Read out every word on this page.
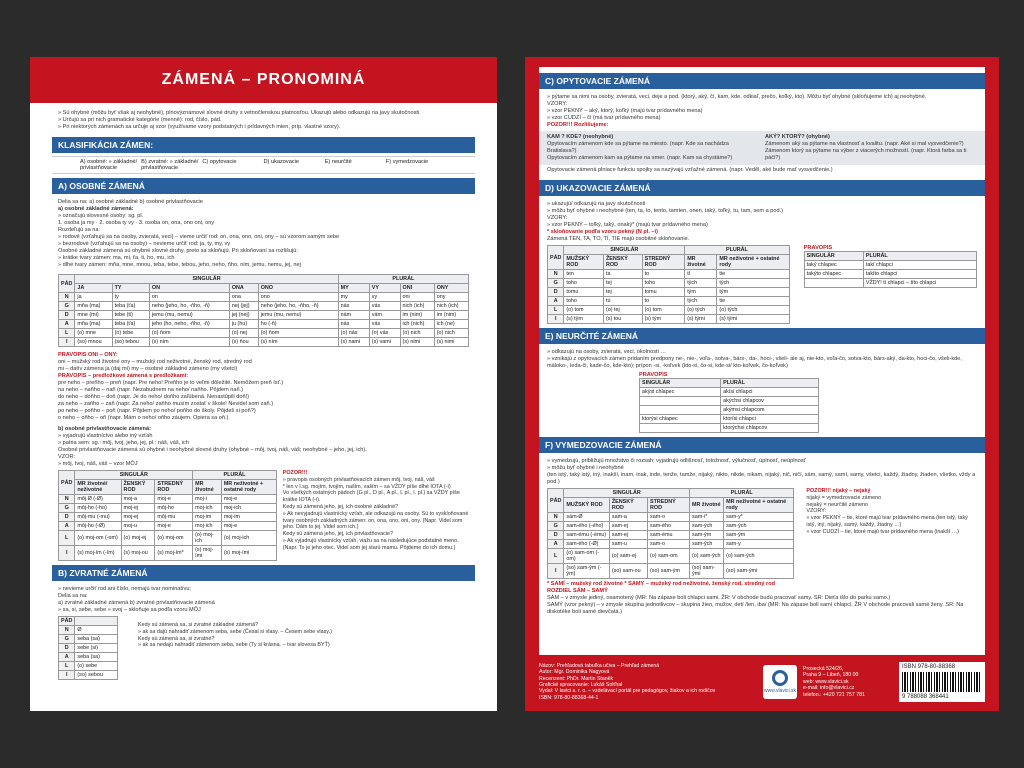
ZÁMENÁ – PRONOMINÁ
» Sú ohybné (môžu byť však aj neohybné), plnovýznamové slovné druhy s vetnočlenskou platnosťou. Ukazujú alebo odkazujú na javy skutočnosti.
» Určujú sa pri nich gramatické kategórie (menné): rod, číslo, pád.
» Pri niektorých zámenách sa určuje aj vzor (využívame vzory podstatných i prídavných mien, príp. vlastné vzory).
KLASIFIKÁCIA ZÁMEN:
A) osobné: » základné/ privlastňovacie
B) zvratné: » základné/ privlastňovacie
C) opytovacie	D) ukazovacie	E) neurčité	F) vymedzovacie
A) OSOBNÉ ZÁMENÁ
Delia sa na: a) osobné základné b) osobné privlastňovacie
a) osobné základné zámená:
» označujú slovesné osoby: sg. pl.
1. osoba ja my · 2. osoba ty vy · 3. osoba on, ona, ono oni, ony
Rozdeľujú sa na:
» rodové (vzťahujú sa na osoby, zvieratá, veci) – vieme určiť rod: on, ona, ono, oni, ony – sú vzorom samým sebe
» bezrodové (vzťahujú sa na osoby) – nevieme určiť rod: ja, ty, my, vy
Osobné základné zámená sú ohybné slovné druhy, preto sa skloňujú. Pri skloňovaní sa rozlišujú:
» krátke tvary zámen: ma, mi, ťa, ti, ho, mu, ich
» dlhé tvary zámen: mňa, mne, mnou, teba, tebe, tebou, jeho, neho, ňho, nim, jemu, nemu, jej, nej
PÁD	SINGULÁR					PLURÁL			
	JA	TY	ON	ONA	ONO	MY	VY	ONI	ONY
N	ja	ty	on	ona	ono	my	vy	oni	ony
G	mňa (ma)	teba (ťa)	neho (jeho, ho, -ňho, -ň)	nej (jej)	neho (jeho, ho, -ňho, -ň)	nás	vás	nich (ich)	nich (ich)
D	mne (mi)	tebe (ti)	jemu (mu, nemu)	jej (nej)	jemu (mu, nemu)	nám	vám	im (nim)	im (nim)
A	mňa (ma)	teba (ťa)	jeho (ho, neho, -ňho, -ň)	ju (hu)	ho (-ň)	nás	vás	ich (nich)	ich (ne)
L	(o) mne	(o) tebe	(o) ňom	(o) nej	(o) ňom	(o) nás	(o) vás	(o) nich	(o) nich
I	(so) mnou	(so) tebou	(s) ním	(s) ňou	(s) ním	(s) nami	(s) vami	(s) nimi	(s) nimi
PRAVOPIS ONI – ONY:
oni – mužský rod životné ony – mužský rod neživotné, ženský rod, stredný rod
mi – datív zámena ja (daj mi) my – osobné základné zámeno (my všetci)
PRAVOPIS – predložkové zámená s predložkami:
pre neho – preňho – preň (napr. Pre neho! Preňho je to veľmi dôležité. Nemôžem preň ísť.)
na neho – naňho – naň (napr. Nezabudnem na neho/ naňho. Pôjdem naň.)
do neho – doňho – doň (napr. Je do neho/ doňho zaľúbená. Nenastúpili doň!)
za neho – zaňho – zaň (napr. Za neho/ zaňho musím zostať v škole! Nevidel som zaň.)
po neho – poňho – poň (napr. Pôjdem po neho/ poňho do školy. Pôjdeš si poň?)
o neho – oňho – oň (napr. Mám o neho/ oňho záujem. Opiera sa oň.)
b) osobné privlastňovacie zámená:
» vyjadrujú vlastníctvo alebo iný vzťah
» patria sem: sg.: môj, tvoj, jeho, jej, pl.: náš, váš, ich
Osobné privlastňovacie zámená sú ohybné i neohybné slovné druhy (ohybné – môj, tvoj, náš, váš; neohybné – jeho, jej, ich).
VZOR:
» môj, tvoj, náš, váš – vzor MÔJ
PÁD	SINGULÁR			PLURÁL	
	MR životné/ neživotné	ŽENSKÝ ROD	STREDNÝ ROD	MR životné	MR neživotné + ostatné rody
N	môj Ø (-Ø)	moj-a	moj-e	moj-i	moj-e
G	môj-ho (-ho)	moj-ej	môj-ho	moj-ich	moj-ich
D	môj-mu (-mu)	moj-ej	môj-mu	moj-im	moj-im
A	môj-ho (-Ø)	moj-u	moj-e	moj-ich	moj-e
L	(o) moj-om (-om)	(o) moj-ej	(o) moj-om	(o) moj-ich	(o) moj-ich
I	(s) moj-ím (-ím)	(s) moj-ou	(s) moj-ím*	(s) moj-ími	(s) moj-ími
POZOR!!!
» pravopis osobných privlastňovacích zámen môj, tvoj, náš, váš
* len v I.sg. mojím, tvojím, naším, vaším – sa VŽDY píše dlhé IOTA (-í)
Vo všetkých ostatných pádoch (G pl., D pl., A pl., L pl., I. pl.) sa VŽDY píše krátke IOTA (-i).
Kedy sú zámená jeho, jej, ich osobné základné?
» Ak nevyjadrujú vlastnícky vzťah, ale odkazujú na osoby. Sú to vyskloňované tvary osobných základných zámen: on, ona, ono, oni, ony. (Napr. Videl som jeho. Dám to jej. Videl som ich.)
Kedy sú zámená jeho, jej, ich privlastňovacie?
» Ak vyjadrujú vlastnícky vzťah, viažu sa na nasledujúce podstatné meno. (Napr. To je jeho otec. Videl som jej starú mamu. Pôjdeme do ich domu.)
B) ZVRATNÉ ZÁMENÁ
» nevieme určiť rod ani číslo, nemajú tvar nominatívu;
Delia sa na:
a) zvratné základné zámená b) zvratné privlastňovacie zámená
» sa, si, sebe, sebe » svoj – skloňuje sa podľa vzoru MÔJ
PÁD	
N	Ø
G	seba (sa)
D	sebe (si)
A	seba (sa)
L	(o) sebe
I	(so) sebou
Kedy sú zámená sa, si zvratné základné zámená?
» ak sa dajú nahradiť zámenom seba, sebe (Česal si vlasy. – Česem sebe vlasy.)
Kedy sú zámená sa, si zvratné?
» ak sa nedajú nahradiť zámenom seba, sebe (Ty si krásna. – tvar slovesa BYŤ)
C) OPYTOVACIE ZÁMENÁ
» pýtame sa nimi na osoby, zvieratá, veci, deje a pod. (ktorý, aký, čí, kam, kde, odkiaľ, prečo, koľký, kto). Môžu byť ohybné (skloňujeme ich) aj neohybné.
VZORY:
» vzor PEKNÝ – aký, ktorý, koľký (majú tvar prídavného mena)
» vzor CUDZÍ – čí (má tvar prídavného mena)
POZOR!!! Rozlišujeme:
KAM ? KDE? (neohybné)
Opytovacím zámenom kde sa pýtame na miesto. (napr. Kde sa nachádza Bratislava?)
Opytovacím zámenom kam sa pýtame na smer. (napr. Kam sa chystáme?)
AKÝ? KTORÝ? (ohybné)
Zámenom aký sa pýtame na vlastnosť a kvalitu. (napr. Aké si mal vysvedčenie?)
Zámenom ktorý sa pýtame na výber z viacerých možností. (napr. Ktorá farba sa ti páči?)
Opytovacie zámená plniace funkciu spojky sa nazývajú vzťažné zámená. (napr. Veděl, aké bude mať vysvedčenie.)
D) UKAZOVACIE ZÁMENÁ
» ukazujú/ odkazujú na javy skutočnosti
» môžu byť ohybné i neohybné (ten, ta, to, tento, tamten, onen, taký, toľký, tu, tam, sem a pod.)
VZORY:
» vzor PEKNÝ – toľký, taký, onaký* (majú tvar prídavného mena)
* skloňovanie podľa vzoru pekný (N pl. –í)
Zámená TEN, TA, TO, TÍ, TIE majú osobitné skloňovanie.
PÁD	SINGULÁR			PLURÁL	
	MUŽSKÝ ROD	ŽENSKÝ ROD	STREDNÝ ROD	MR životné	MR neživotné + ostatné rody
N	ten	ta	to	tí	tie
G	toho	tej	toho	tých	tých
D	tomu	tej	tomu	tým	tým
A	toho	tú	to	tých	tie
L	(o) tom	(o) tej	(o) tom	(o) tých	(o) tých
I	(s) tým	(s) tou	(s) tým	(s) tými	(s) tými
PRAVOPIS
SINGULÁR	PLURÁL
taký chlapec	takí chlapci
takýto chlapec	takíto chlapci
	VŽDY! tí chlapci – títo chlapci
E) NEURČITÉ ZÁMENÁ
» odkazujú na osoby, zvieratá, veci, okolnosti …
» vznikajú z opytovacích zámen pridaním predpony ne-, nie-, voľa-, sotva-, bárs-, da-, hoci-, všeli- ale aj, nie-kto, voľa-čo, sotva-kto, bárs-aký, da-kto, hoci-čo, všeli-kde, máloko-, leda-či, kade-čo, kde-kto); prípon -si, -koľvek (kto-si, čo-si, kde-si/ kto-koľvek, čo-koľvek)
PRAVOPIS
SINGULÁR	PLURÁL
akýsi chlapec	akísi chlapci
	akýchsi chlapcov
	akýmsi chlapcom
ktorýsi chlapec	ktorísi chlapci
	ktorýchsi chlapcov
F) VYMEDZOVACIE ZÁMENÁ
» vymedzujú, približujú množstvo či rozsah; vyjadrujú odlišnosť, totožnosť, výlučnosť, úplnosť, neúplnosť
» môžu byť ohybné i neohybné
(ten istý, taký istý, iný, inakší, inam, inak, inde, tenže, tamže, nijaký, nikto, nikde, nikam, nijaký, nič, ničí, sám, samý, samí, samy, všetci, každý, žiadny, žiaden, všetko, vždy a pod.)
PÁD	SINGULÁR			PLURÁL	
	MUŽSKÝ ROD	ŽENSKÝ ROD	STREDNÝ ROD	MR životné	MR neživotné + ostatné rody
N	sám-Ø	sam-a	sam-o	sam-i*	sam-y*
G	sam-ého (-ého)	sam-ej	sam-ého	sam-ých	sam-ých
D	sam-ému (-ému)	sam-ej	sam-ému	sam-ým	sam-ým
A	sam-ého (-Ø)	sam-u	sam-o	sam-ých	sam-y
L	(o) sam-om (-om)	(o) sam-ej	(o) sam-om	(o) sam-ých	(o) sam-ých
I	(so) sam-ým (-ým)	(so) sam-ou	(so) sam-ým	(so) sam-ými	(so) sam-ými
POZOR!!! nijaký – nejaký
nijaký = vymedzovacie zámeno
nejaký = neurčité zámeno
VZORY:
» vzor PEKNÝ – tie, ktoré majú tvar prídavného mena (ten istý, taký istý, iný, nijaký, samý, každý, žiadny …)
» vzor CUDZÍ – tie, ktoré majú tvar prídavného mena (inakší …)
* SAMÍ – mužský rod životné * SAMY – mužský rod neživotné, ženský rod, stredný rod
ROZDIEL SÁM – SAMÝ
SÁM – v zmysle jediný, osamotený (MR: Na zápase boli chlapci sami. ŽR: V obchode budú pracovať samy. SR: Dieťa išlo do parku samo.)
SAMÝ (vzor pekný) – v zmysle skupina jednotlivcov – skupina žien, mužov, detí /len, iba/ (MR: Na zápase boli samí chlapci. ŽR V obchode pracovali samé ženy. SR: Na diskotéke boli samé dievčatá.)
Názov: Prehľadová tabuľka učiva – Prehľad zámená
Autor: Mgr. Dominika Nagyová
Recenzent: PhDr. Martin Staněk
Grafické spracovanie: Lukáš Solťhal
Vydal: V lavici s. r. o. – vzdelávací portál pre pedagógov, žiakov a ich rodičov
ISBN: 978-80-88368-44-1
www.vlavici.sk
Prosecká 524/26,
Praha 9 – Libeň, 180 00
web: www.vlavici.sk
e-mail: info@vlavici.cz
telefon.: +420 721 757 781
ISBN 978-80-88368
9 788088 368441
